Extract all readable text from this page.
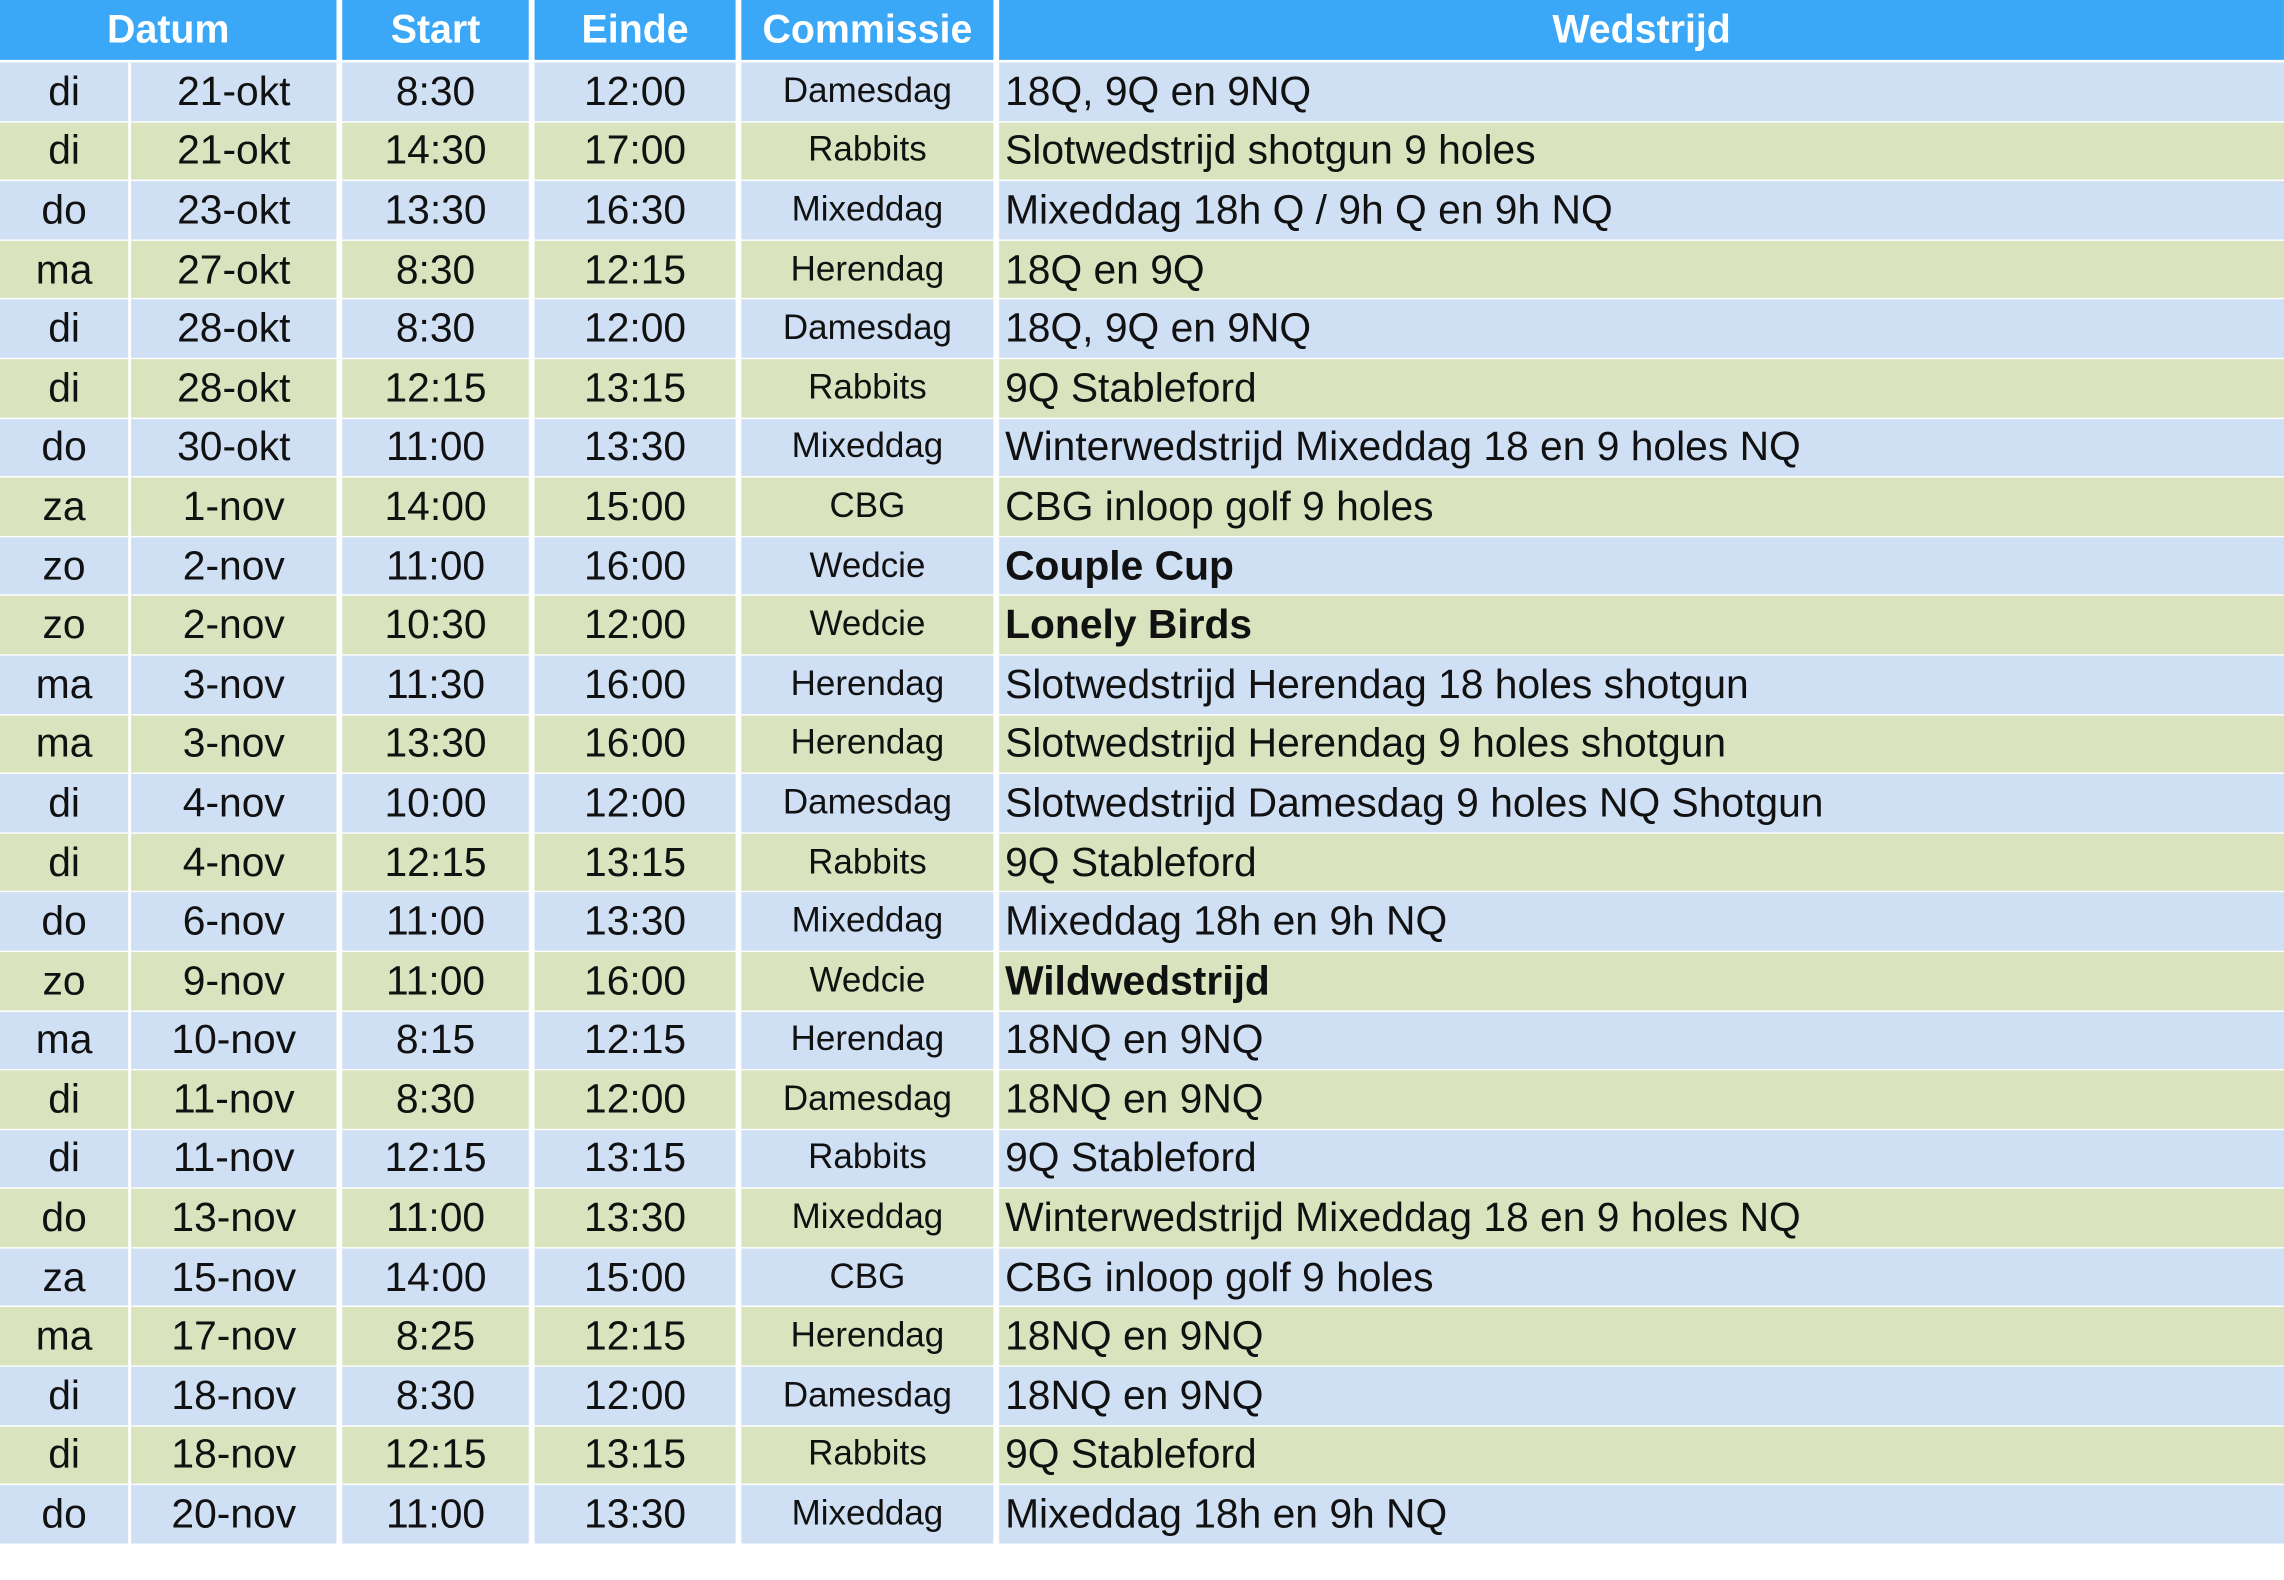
Datum		Start	Einde	Commissie	Wedstrijd
di	21-okt	8:30	12:00	Damesdag	18Q, 9Q en 9NQ
di	21-okt	14:30	17:00	Rabbits	Slotwedstrijd shotgun 9 holes
do	23-okt	13:30	16:30	Mixeddag	Mixeddag 18h Q / 9h Q en 9h NQ
ma	27-okt	8:30	12:15	Herendag	18Q en 9Q
di	28-okt	8:30	12:00	Damesdag	18Q, 9Q en 9NQ
di	28-okt	12:15	13:15	Rabbits	9Q Stableford
do	30-okt	11:00	13:30	Mixeddag	Winterwedstrijd Mixeddag 18 en 9 holes NQ
za	1-nov	14:00	15:00	CBG	CBG inloop golf 9 holes
zo	2-nov	11:00	16:00	Wedcie	Couple Cup
zo	2-nov	10:30	12:00	Wedcie	Lonely Birds
ma	3-nov	11:30	16:00	Herendag	Slotwedstrijd Herendag 18 holes shotgun
ma	3-nov	13:30	16:00	Herendag	Slotwedstrijd Herendag 9 holes shotgun
di	4-nov	10:00	12:00	Damesdag	Slotwedstrijd Damesdag 9 holes NQ Shotgun
di	4-nov	12:15	13:15	Rabbits	9Q Stableford
do	6-nov	11:00	13:30	Mixeddag	Mixeddag 18h en 9h NQ
zo	9-nov	11:00	16:00	Wedcie	Wildwedstrijd
ma	10-nov	8:15	12:15	Herendag	18NQ en 9NQ
di	11-nov	8:30	12:00	Damesdag	18NQ en 9NQ
di	11-nov	12:15	13:15	Rabbits	9Q Stableford
do	13-nov	11:00	13:30	Mixeddag	Winterwedstrijd Mixeddag 18 en 9 holes NQ
za	15-nov	14:00	15:00	CBG	CBG inloop golf 9 holes
ma	17-nov	8:25	12:15	Herendag	18NQ en 9NQ
di	18-nov	8:30	12:00	Damesdag	18NQ en 9NQ
di	18-nov	12:15	13:15	Rabbits	9Q Stableford
do	20-nov	11:00	13:30	Mixeddag	Mixeddag 18h en 9h NQ
